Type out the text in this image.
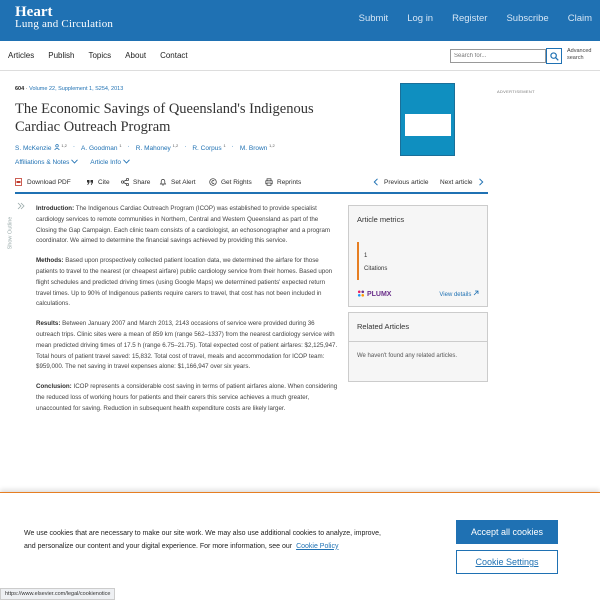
Heart
Lung and Circulation	Submit Log in Register Subscribe Claim
Articles Publish Topics About Contact
Search for...	Advanced search
604 · Volume 22, Supplement 1, S254, 2013
The Economic Savings of Queensland's Indigenous Cardiac Outreach Program
S. McKenzie $^{1,2}$ · A. Goodman $^1$ · R. Mahoney $^{1,2}$ · R. Corpus $^1$ · M. Brown $^{1,2}$
Affiliations & Notes	Article Info
ADVERTISEMENT
Download PDF	Cite	Share	Set Alert	Get Rights	Reprints	Previous article Next article
Show Outline

Introduction: The Indigenous Cardiac Outreach Program (ICOP) was established to provide specialist cardiology services to remote communities in Northern, Central and Western Queensland as part of the Closing the Gap Campaign. Each clinic team consists of a cardiologist, an echosonographer and a program coordinator. We aimed to determine the financial savings achieved by providing this service.

Methods: Based upon prospectively collected patient location data, we determined the airfare for those patients to travel to the nearest (or cheapest airfare) public cardiology service from their homes. Based upon flight schedules and predicted driving times (using Google Maps) we determined patients' expected return travel times. Up to 90% of Indigenous patients require carers to travel, that cost has not been included in calculations.

Results: Between January 2007 and March 2013, 2143 occasions of service were provided during 36 outreach trips. Clinic sites were a mean of 859 km (range 562–1337) from the nearest cardiology service with mean predicted driving times of 17.5 h (range 6.75–21.75). Total expected cost of patient airfares: $2,125,947. Total hours of patient travel saved: 15,832. Total cost of travel, meals and accommodation for ICOP team: $959,000. The net saving in travel expenses alone: $1,166,947 over six years.

Conclusion: ICOP represents a considerable cost saving in terms of patient airfares alone. When considering the reduced loss of working hours for patients and their carers this service achieves a much greater, unaccounted for saving. Reduction in subsequent health expenditure costs are likely larger.

Article metrics
1
Citations
PLUMX	View details
Related Articles
We haven't found any related articles.
We use cookies that are necessary to make our site work. We may also use additional cookies to analyze, improve, and personalize our content and your digital experience. For more information, see our Cookie Policy
Accept all cookies
Cookie Settings
https://www.elsevier.com/legal/cookienotice
